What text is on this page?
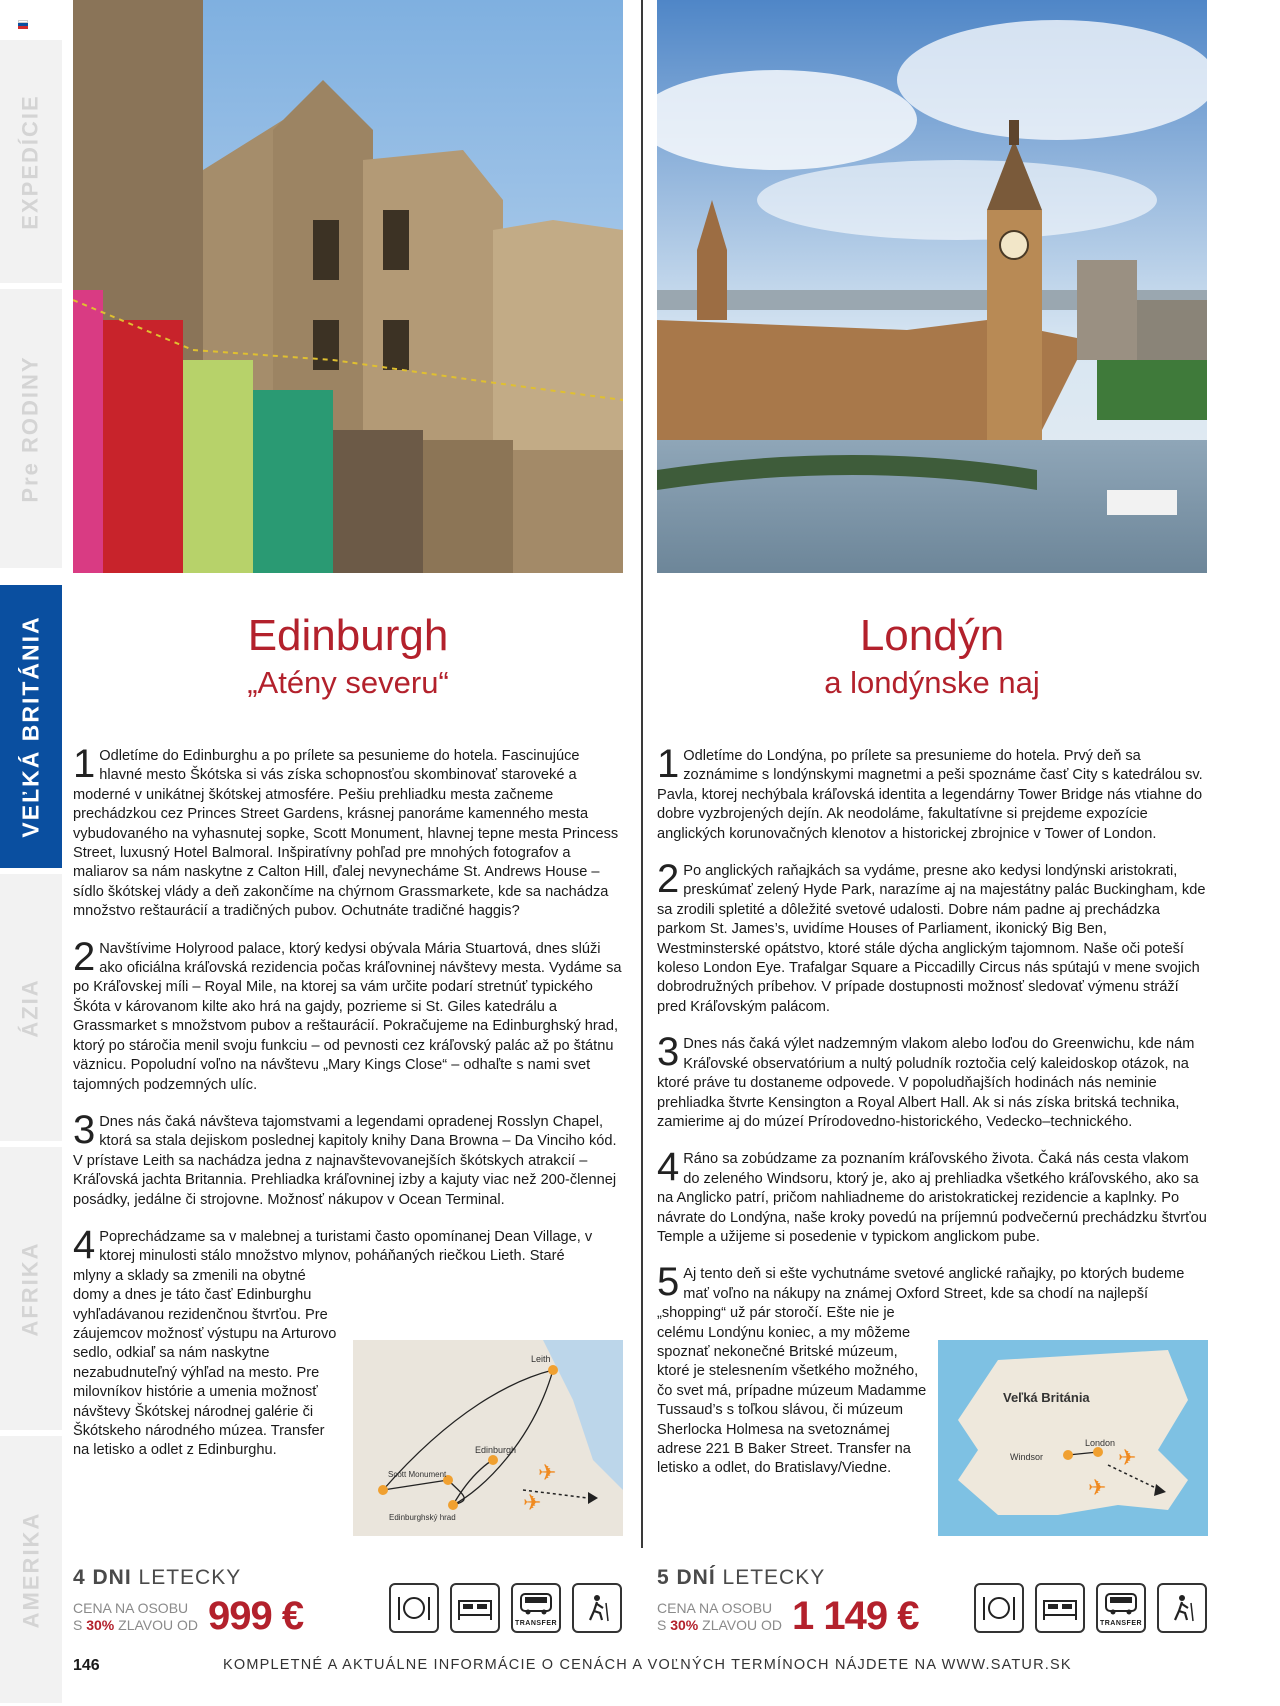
EXPEDÍCIE
Pre RODINY
VEĽKÁ BRITÁNIA
ÁZIA
AFRIKA
AMERIKA
Edinburgh
„Atény severu“
1 Odletíme do Edinburghu a po prílete sa pesunieme do hotela. Fascinujúce hlavné mesto Škótska si vás získa schopnosťou skombinovať staroveké a moderné v unikátnej škótskej atmosfére. Pešiu prehliadku mesta začneme prechádzkou cez Princes Street Gardens, krásnej panoráme kamenného mesta vybudovaného na vyhasnutej sopke, Scott Monument, hlavnej tepne mesta Princess Street, luxusný Hotel Balmoral. Inšpiratívny pohľad pre mnohých fotografov a maliarov sa nám naskytne z Calton Hill, ďalej nevynecháme St. Andrews House – sídlo škótskej vlády a deň zakončíme na chýrnom Grassmarkete, kde sa nachádza množstvo reštaurácií a tradičných pubov. Ochutnáte tradičné haggis?
2 Navštívime Holyrood palace, ktorý kedysi obývala Mária Stuartová, dnes slúži ako oficiálna kráľovská rezidencia počas kráľovninej návštevy mesta. Vydáme sa po Kráľovskej míli – Royal Mile, na ktorej sa vám určite podarí stretnúť typického Škóta v károvanom kilte ako hrá na gajdy, pozrieme si St. Giles katedrálu a Grassmarket s množstvom pubov a reštaurácií. Pokračujeme na Edinburghský hrad, ktorý po stáročia menil svoju funkciu – od pevnosti cez kráľovský palác až po štátnu väznicu. Popoludní voľno na návštevu „Mary Kings Close“ – odhaľte s nami svet tajomných podzemných ulíc.
3 Dnes nás čaká návšteva tajomstvami a legendami opradenej Rosslyn Chapel, ktorá sa stala dejiskom poslednej kapitoly knihy Dana Browna – Da Vinciho kód. V prístave Leith sa nachádza jedna z najnavštevovanejších škótskych atrakcií – Kráľovská jachta Britannia. Prehliadka kráľovninej izby a kajuty viac než 200-člennej posádky, jedálne či strojovne. Možnosť nákupov v Ocean Terminal.
4 Poprechádzame sa v malebnej a turistami často opomínanej Dean Village, v ktorej minulosti stálo množstvo mlynov, poháňaných riečkou Lieth. Staré
mlyny a sklady sa zmenili na obytné domy a dnes je táto časť Edinburghu vyhľadávanou rezidenčnou štvrťou. Pre záujemcov možnosť výstupu na Arturovo sedlo, odkiaľ sa nám naskytne nezabudnuteľný výhľad na mesto. Pre milovníkov histórie a umenia možnosť návštevy Škótskej národnej galérie či Škótskeho národného múzea. Transfer na letisko a odlet z Edinburghu.
Leith
Edinburgh
Scott Monument
Edinburghský hrad
✈
✈
Londýn
a londýnske naj
1 Odletíme do Londýna, po prílete sa presunieme do hotela. Prvý deň sa zoznámime s londýnskymi magnetmi a peši spoznáme časť City s katedrálou sv. Pavla, ktorej nechýbala kráľovská identita a legendárny Tower Bridge nás vtiahne do dobre vyzbrojených dejín. Ak neodoláme, fakultatívne si prejdeme expozície anglických korunovačných klenotov a historickej zbrojnice v Tower of London.
2 Po anglických raňajkách sa vydáme, presne ako kedysi londýnski aristokrati, preskúmať zelený Hyde Park, narazíme aj na majestátny palác Buckingham, kde sa zrodili spletité a dôležité svetové udalosti. Dobre nám padne aj prechádzka parkom St. James’s, uvidíme Houses of Parliament, ikonický Big Ben, Westminsterské opátstvo, ktoré stále dýcha anglickým tajomnom. Naše oči poteší koleso London Eye. Trafalgar Square a Piccadilly Circus nás spútajú v mene svojich dobrodružných príbehov. V prípade dostupnosti možnosť sledovať výmenu stráží pred Kráľovským palácom.
3 Dnes nás čaká výlet nadzemným vlakom alebo loďou do Greenwichu, kde nám Kráľovské observatórium a nultý poludník roztočia celý kaleidoskop otázok, na ktoré práve tu dostaneme odpovede. V popoludňajších hodinách nás neminie prehliadka štvrte Kensington a Royal Albert Hall. Ak si nás získa britská technika, zamierime aj do múzeí Prírodovedno-historického, Vedecko–technického.
4 Ráno sa zobúdzame za poznaním kráľovského života. Čaká nás cesta vlakom do zeleného Windsoru, ktorý je, ako aj prehliadka všetkého kráľovského, ako sa na Anglicko patrí, pričom nahliadneme do aristokratickej rezidencie a kaplnky. Po návrate do Londýna, naše kroky povedú na príjemnú podvečernú prechádzku štvrťou Temple a užijeme si posedenie v typickom anglickom pube.
5 Aj tento deň si ešte vychutnáme svetové anglické raňajky, po ktorých budeme mať voľno na nákupy na známej Oxford Street, kde sa chodí na najlepší
„shopping“ už pár storočí. Ešte nie je celému Londýnu koniec, a my môžeme spoznať nekonečné Britské múzeum, ktoré je stelesnením všetkého možného, čo svet má, prípadne múzeum Madamme Tussaud’s s toľkou slávou, či múzeum Sherlocka Holmesa na svetoznámej adrese 221 B Baker Street. Transfer na letisko a odlet, do Bratislavy/Viedne.
Veľká Británia
London
Windsor	✈
✈
4 DNI LETECKY
CENA NA OSOBU
S 30% ZLAVOU OD 999 €	TRANSFER
5 DNÍ LETECKY
CENA NA OSOBU
S 30% ZLAVOU OD 1 149 €	TRANSFER
146	KOMPLETNÉ A AKTUÁLNE INFORMÁCIE O CENÁCH A VOĽNÝCH TERMÍNOCH NÁJDETE NA WWW.SATUR.SK
